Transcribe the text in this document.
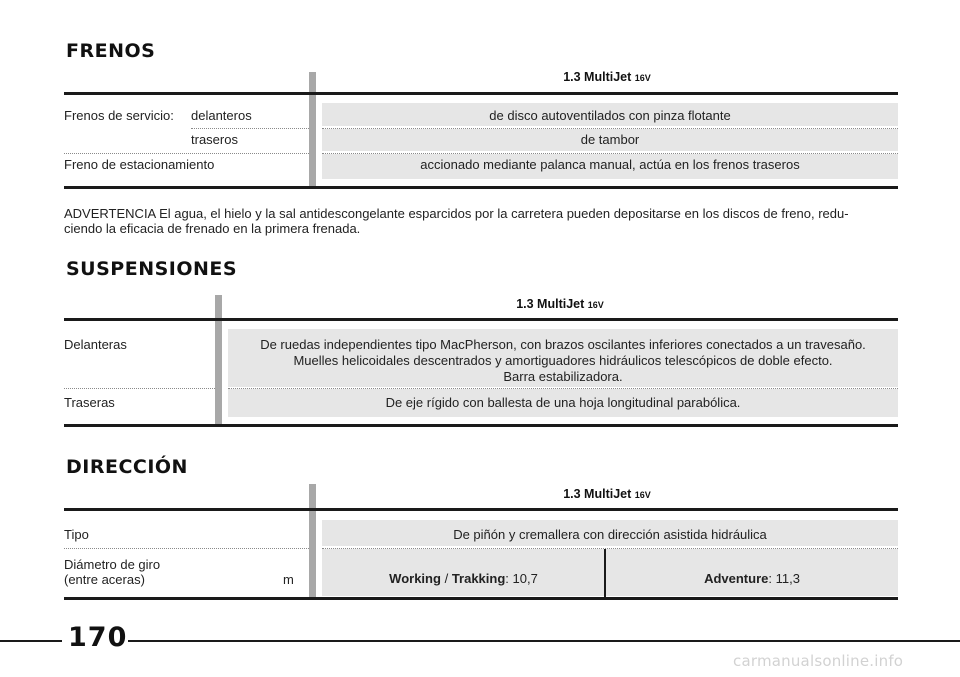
FRENOS
1.3 MultiJet 16V
Frenos de servicio: delanteros	de disco autoventilados con pinza flotante
traseros	de tambor
Freno de estacionamiento	accionado mediante palanca manual, actúa en los frenos traseros
ADVERTENCIA El agua, el hielo y la sal antidescongelante esparcidos por la carretera pueden depositarse en los discos de freno, redu-
ciendo la eficacia de frenado en la primera frenada.
SUSPENSIONES
1.3 MultiJet 16V
Delanteras	De ruedas independientes tipo MacPherson, con brazos oscilantes inferiores conectados a un travesaño.
Muelles helicoidales descentrados y amortiguadores hidráulicos telescópicos de doble efecto.
Barra estabilizadora.
Traseras	De eje rígido con ballesta de una hoja longitudinal parabólica.
DIRECCIÓN
1.3 MultiJet 16V
Tipo	De piñón y cremallera con dirección asistida hidráulica
Diámetro de giro
(entre aceras)	m	Working / Trakking: 10,7	Adventure: 11,3
170
carmanualsonline.info
